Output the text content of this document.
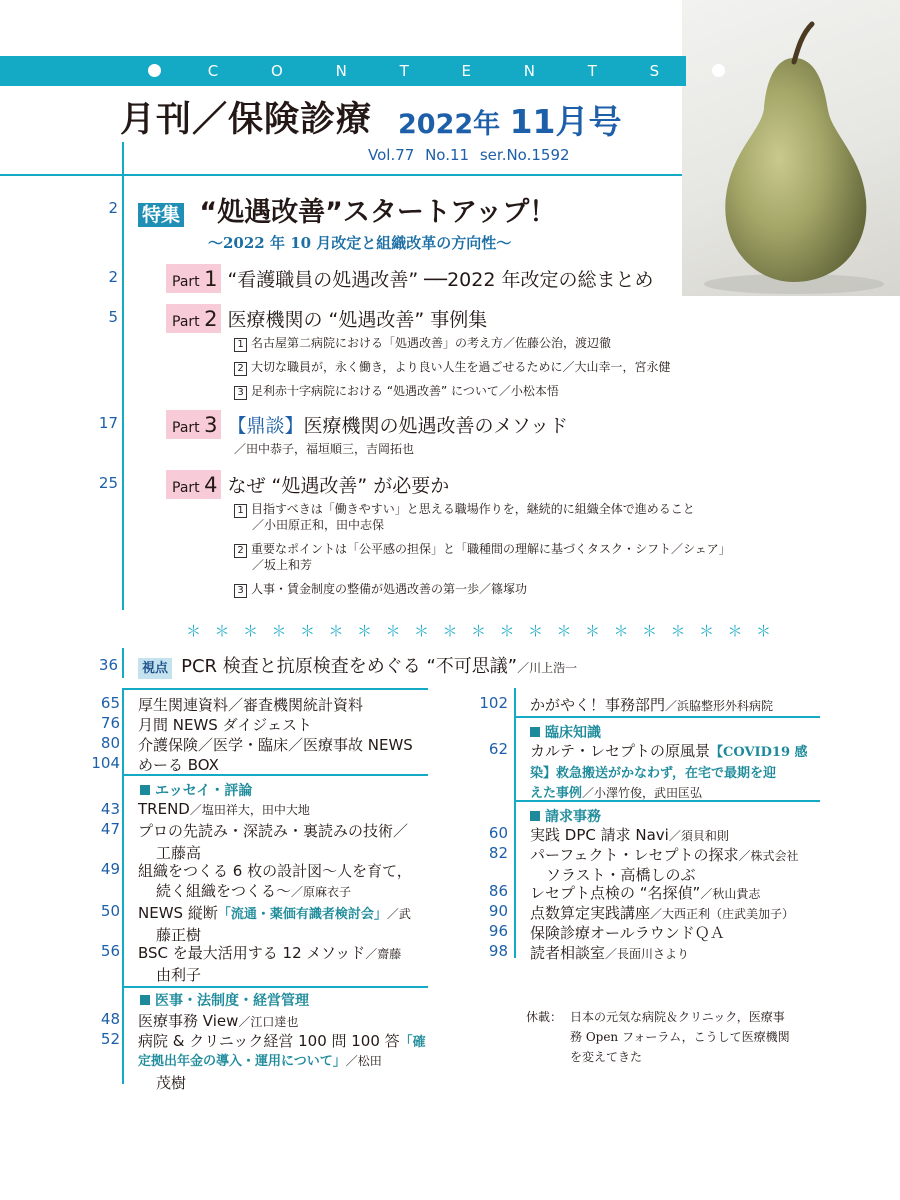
C O N T E N T S
月刊／保険診療 2022年 11月号
Vol.77 No.11 ser.No.1592
2 特集 “処遇改善”スタートアップ！
〜2022 年 10 月改定と組織改革の方向性〜
2	Part 1 “看護職員の処遇改善” ──2022 年改定の総まとめ
5	Part 2 医療機関の “処遇改善” 事例集
1 名古屋第二病院における「処遇改善」の考え方／佐藤公治，渡辺徹
2 大切な職員が，永く働き，より良い人生を過ごせるために／大山幸一，宮永健
3 足利赤十字病院における “処遇改善” について／小松本悟
17	Part 3 【鼎談】医療機関の処遇改善のメソッド
／田中恭子，福垣順三，吉岡拓也
25	Part 4 なぜ “処遇改善” が必要か
1 目指すべきは「働きやすい」と思える職場作りを，継続的に組織全体で進めること
／小田原正和，田中志保
2 重要なポイントは「公平感の担保」と「職種間の理解に基づくタスク・シフト／シェア」
／坂上和芳
3 人事・賃金制度の整備が処遇改善の第一歩／篠塚功
＊＊＊＊＊＊＊＊＊＊＊＊＊＊＊＊＊＊＊＊＊
36	視点 PCR 検査と抗原検査をめぐる “不可思議”／川上浩一
65 厚生関連資料／審査機関統計資料
76 月間 NEWS ダイジェスト
80 介護保険／医学・臨床／医療事故 NEWS
104 めーる BOX
エッセイ・評論
43 TREND／塩田祥大，田中大地
47 プロの先読み・深読み・裏読みの技術／
工藤高
49 組織をつくる 6 枚の設計図〜人を育て，
続く組織をつくる〜／原麻衣子
50 NEWS 縦断「流通・薬価有識者検討会」／武
藤正樹
56 BSC を最大活用する 12 メソッド／齋藤
由利子
医事・法制度・経営管理
48 医療事務 View／江口達也
52 病院 & クリニック経営 100 問 100 答「確
定拠出年金の導入・運用について」／松田
茂樹
102 かがやく！事務部門／浜脇整形外科病院
臨床知識
62 カルテ・レセプトの原風景【COVID19 感
染】救急搬送がかなわず，在宅で最期を迎
えた事例／小澤竹俊，武田匡弘
請求事務
60 実践 DPC 請求 Navi／須貝和則
82 パーフェクト・レセプトの探求／株式会社
ソラスト・高橋しのぶ
86 レセプト点検の “名探偵”／秋山貴志
90 点数算定実践講座／大西正利（庄武美加子）
96 保険診療オールラウンドＱＡ
98 読者相談室／長面川さより
休載： 日本の元気な病院＆クリニック，医療事
務 Open フォーラム，こうして医療機関
を変えてきた
